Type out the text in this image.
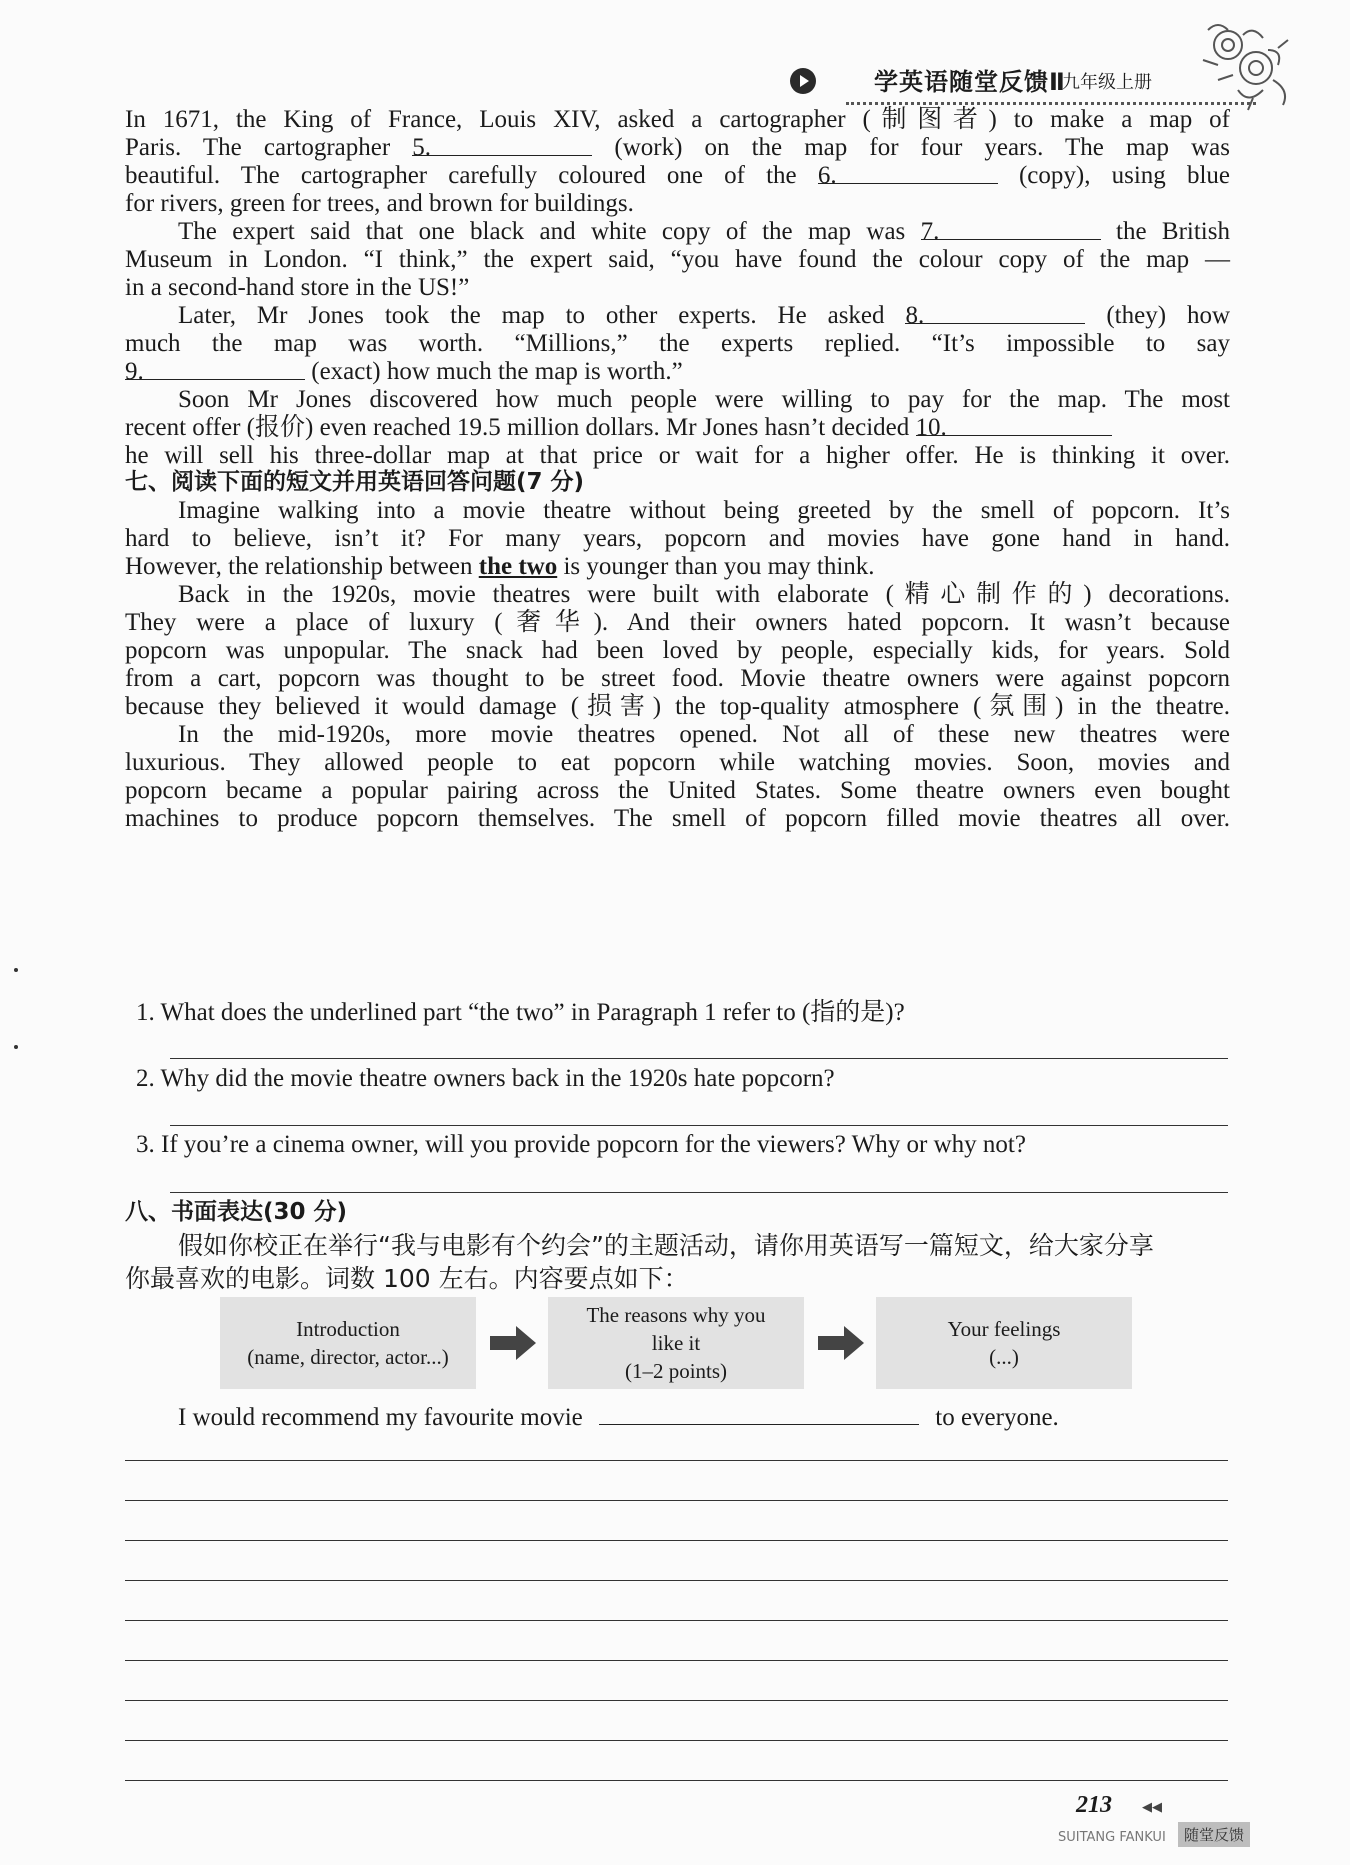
学英语随堂反馈Ⅱ
九年级上册
In 1671, the King of France, Louis XIV, asked a cartographer (制图者) to make a map of
Paris. The cartographer 5.	(work) on the map for four years. The map was
beautiful. The cartographer carefully coloured one of the 6.	(copy), using blue
for rivers, green for trees, and brown for buildings.
The expert said that one black and white copy of the map was 7.	the British
Museum in London. “I think,” the expert said, “you have found the colour copy of the map —
in a second-hand store in the US!”
Later, Mr Jones took the map to other experts. He asked 8.	(they) how
much the map was worth. “Millions,” the experts replied. “It’s impossible to say
9.	(exact) how much the map is worth.”
Soon Mr Jones discovered how much people were willing to pay for the map. The most
recent offer (报价) even reached 19.5 million dollars. Mr Jones hasn’t decided 10.
he will sell his three-dollar map at that price or wait for a higher offer. He is thinking it over.
七、阅读下面的短文并用英语回答问题(7 分)
Imagine walking into a movie theatre without being greeted by the smell of popcorn. It’s
hard to believe, isn’t it? For many years, popcorn and movies have gone hand in hand.
However, the relationship between the two is younger than you may think.
Back in the 1920s, movie theatres were built with elaborate (精心制作的) decorations.
They were a place of luxury (奢华). And their owners hated popcorn. It wasn’t because
popcorn was unpopular. The snack had been loved by people, especially kids, for years. Sold
from a cart, popcorn was thought to be street food. Movie theatre owners were against popcorn
because they believed it would damage (损害) the top-quality atmosphere (氛围) in the theatre.
In the mid-1920s, more movie theatres opened. Not all of these new theatres were
luxurious. They allowed people to eat popcorn while watching movies. Soon, movies and
popcorn became a popular pairing across the United States. Some theatre owners even bought
machines to produce popcorn themselves. The smell of popcorn filled movie theatres all over.
1. What does the underlined part “the two” in Paragraph 1 refer to (指的是)?
2. Why did the movie theatre owners back in the 1920s hate popcorn?
3. If you’re a cinema owner, will you provide popcorn for the viewers? Why or why not?
八、书面表达(30 分)
假如你校正在举行“我与电影有个约会”的主题活动，请你用英语写一篇短文，给大家分享
你最喜欢的电影。词数 100 左右。内容要点如下：
Introduction
(name, director, actor...)
The reasons why you
like it
(1–2 points)
Your feelings
(...)
I would recommend my favourite movie	to everyone.
213 ◀◀
SUITANG FANKUI	随堂反馈
